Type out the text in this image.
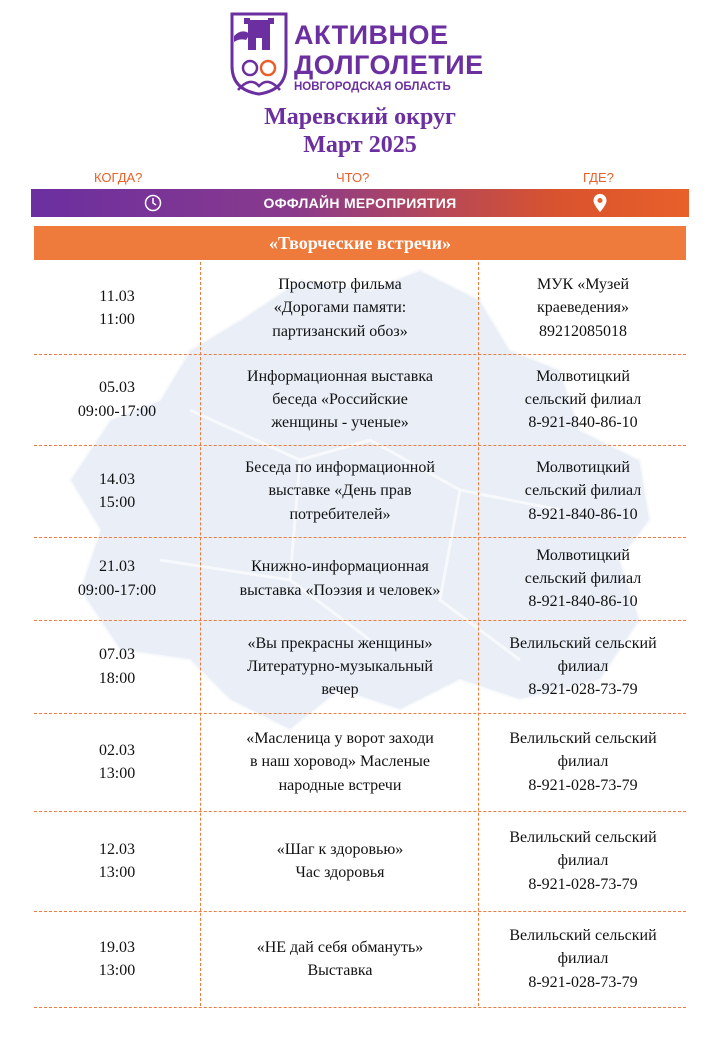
АКТИВНОЕ
ДОЛГОЛЕТИЕ
НОВГОРОДСКАЯ ОБЛАСТЬ
Маревский округ
Март 2025
КОГДА?	ЧТО?	ГДЕ?
ОФФЛАЙН МЕРОПРИЯТИЯ
«Творческие встречи»
11.03
11:00
Просмотр фильма
«Дорогами памяти:
партизанский обоз»
МУК «Музей
краеведения»
89212085018
05.03
09:00-17:00
Информационная выставка
беседа «Российские
женщины - ученые»
Молвотицкий
сельский филиал
8-921-840-86-10
14.03
15:00
Беседа по информационной
выставке «День прав
потребителей»
Молвотицкий
сельский филиал
8-921-840-86-10
21.03
09:00-17:00
Книжно-информационная
выставка «Поэзия и человек»
Молвотицкий
сельский филиал
8-921-840-86-10
07.03
18:00
«Вы прекрасны женщины»
Литературно-музыкальный
вечер
Велильский сельский
филиал
8-921-028-73-79
02.03
13:00
«Масленица у ворот заходи
в наш хоровод» Масленые
народные встречи
Велильский сельский
филиал
8-921-028-73-79
12.03
13:00
«Шаг к здоровью»
Час здоровья
Велильский сельский
филиал
8-921-028-73-79
19.03
13:00
«НЕ дай себя обмануть»
Выставка
Велильский сельский
филиал
8-921-028-73-79
